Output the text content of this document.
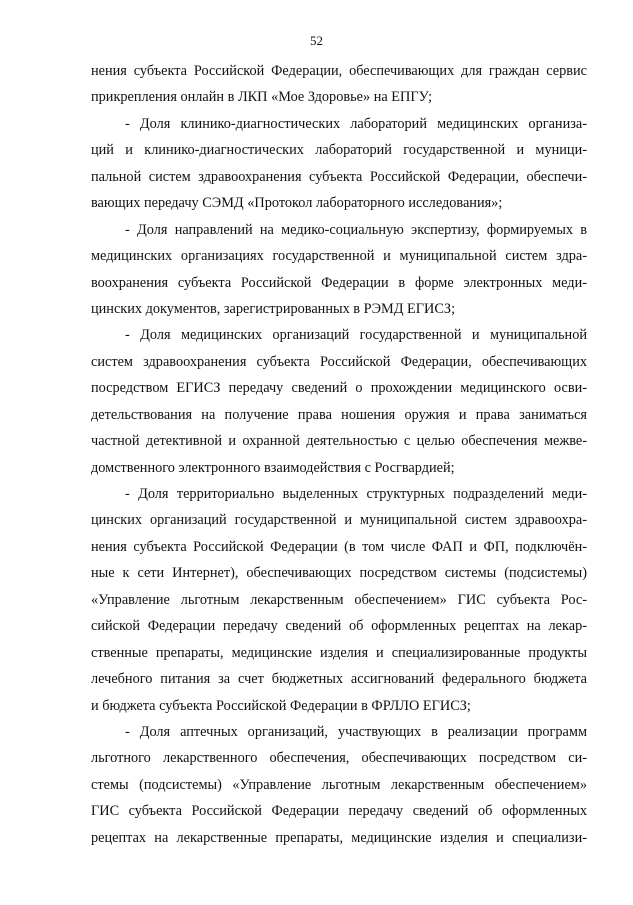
52
нения субъекта Российской Федерации, обеспечивающих для граждан сервис
прикрепления онлайн в ЛКП «Мое Здоровье» на ЕПГУ;
- Доля клинико-диагностических лабораторий медицинских организа-
ций и клинико-диагностических лабораторий государственной и муници-
пальной систем здравоохранения субъекта Российской Федерации, обеспечи-
вающих передачу СЭМД «Протокол лабораторного исследования»;
- Доля направлений на медико-социальную экспертизу, формируемых в
медицинских организациях государственной и муниципальной систем здра-
воохранения субъекта Российской Федерации в форме электронных меди-
цинских документов, зарегистрированных в РЭМД ЕГИСЗ;
- Доля медицинских организаций государственной и муниципальной
систем здравоохранения субъекта Российской Федерации, обеспечивающих
посредством ЕГИСЗ передачу сведений о прохождении медицинского осви-
детельствования на получение права ношения оружия и права заниматься
частной детективной и охранной деятельностью с целью обеспечения межве-
домственного электронного взаимодействия с Росгвардией;
- Доля территориально выделенных структурных подразделений меди-
цинских организаций государственной и муниципальной систем здравоохра-
нения субъекта Российской Федерации (в том числе ФАП и ФП, подключён-
ные к сети Интернет), обеспечивающих посредством системы (подсистемы)
«Управление льготным лекарственным обеспечением» ГИС субъекта Рос-
сийской Федерации передачу сведений об оформленных рецептах на лекар-
ственные препараты, медицинские изделия и специализированные продукты
лечебного питания за счет бюджетных ассигнований федерального бюджета
и бюджета субъекта Российской Федерации в ФРЛЛО ЕГИСЗ;
- Доля аптечных организаций, участвующих в реализации программ
льготного лекарственного обеспечения, обеспечивающих посредством си-
стемы (подсистемы) «Управление льготным лекарственным обеспечением»
ГИС субъекта Российской Федерации передачу сведений об оформленных
рецептах на лекарственные препараты, медицинские изделия и специализи-
